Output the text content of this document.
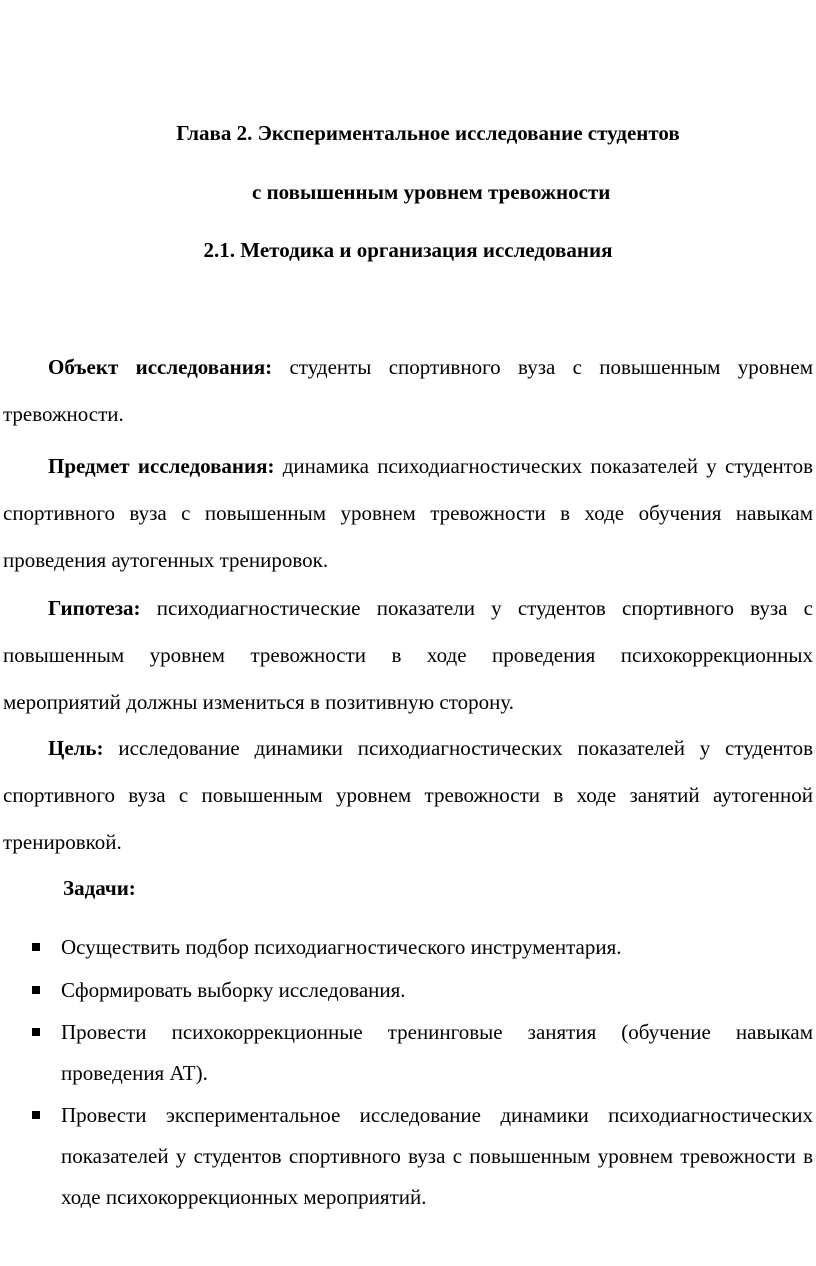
Глава 2. Экспериментальное исследование студентов
с повышенным уровнем тревожности
2.1. Методика и организация исследования

Объект исследования: студенты спортивного вуза с повышенным уровнем тревожности.

Предмет исследования: динамика психодиагностических показателей у студентов спортивного вуза с повышенным уровнем тревожности в ходе обучения навыкам проведения аутогенных тренировок.

Гипотеза: психодиагностические показатели у студентов спортивного вуза с повышенным уровнем тревожности в ходе проведения психокоррекционных мероприятий должны измениться в позитивную сторону.

Цель: исследование динамики психодиагностических показателей у студентов спортивного вуза с повышенным уровнем тревожности в ходе занятий аутогенной тренировкой.

Задачи:

Осуществить подбор психодиагностического инструментария.

Сформировать выборку исследования.

Провести психокоррекционные тренинговые занятия (обучение навыкам проведения АТ).

Провести экспериментальное исследование динамики психодиагностических показателей у студентов спортивного вуза с повышенным уровнем тревожности в ходе психокоррекционных мероприятий.
